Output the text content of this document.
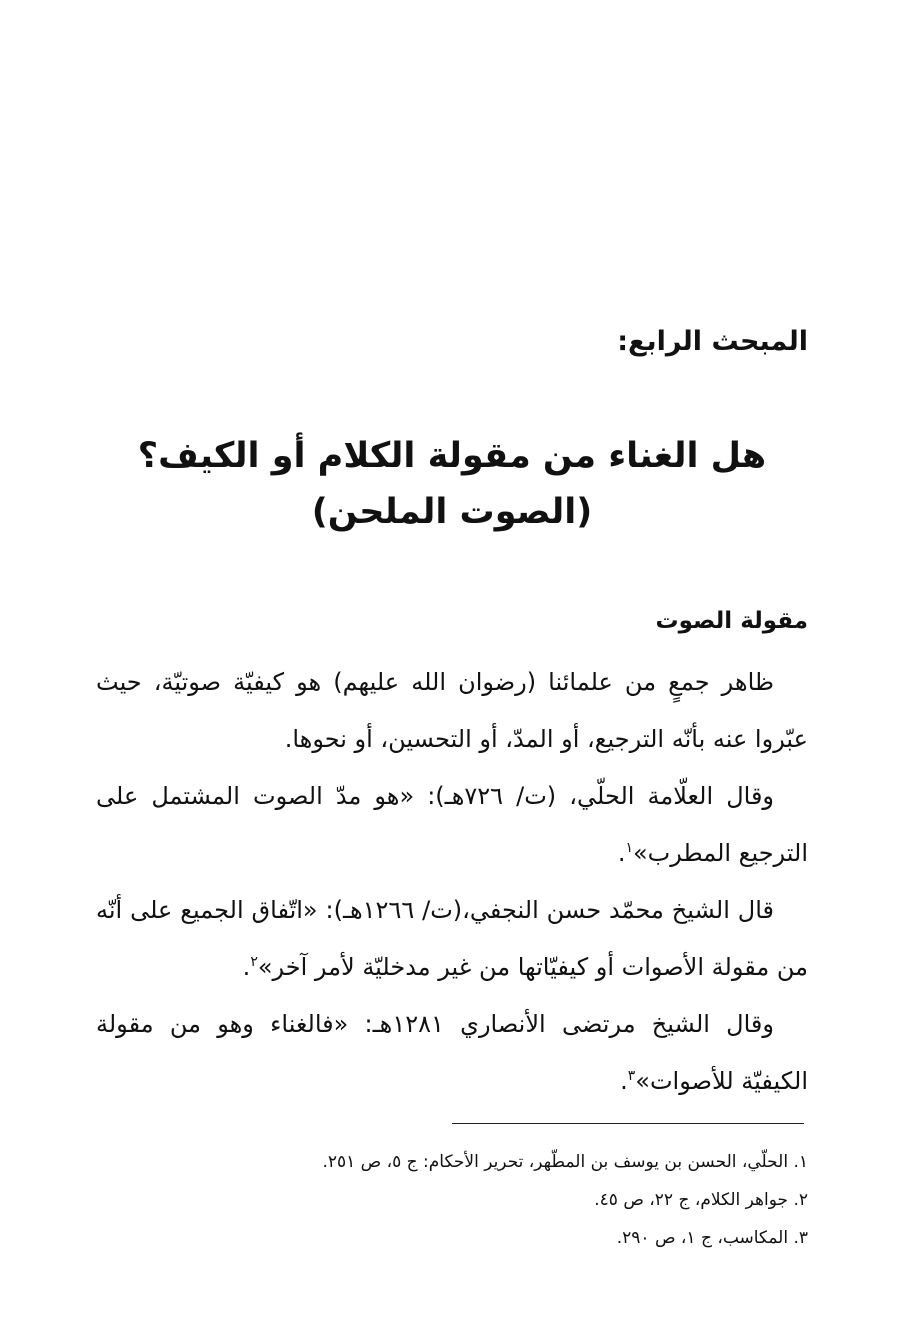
المبحث الرابع:
هل الغناء من مقولة الكلام أو الكيف؟
(الصوت الملحن)
مقولة الصوت

ظاهر جمعٍ من علمائنا (رضوان الله عليهم) هو كيفيّة صوتيّة، حيث عبّروا عنه بأنّه الترجيع، أو المدّ، أو التحسين، أو نحوها.

وقال العلّامة الحلّي، (ت/ ٧٢٦هـ): «هو مدّ الصوت المشتمل على الترجيع المطرب»$^١$.

قال الشيخ محمّد حسن النجفي،(ت/ ١٢٦٦هـ): «اتّفاق الجميع على أنّه من مقولة الأصوات أو كيفيّاتها من غير مدخليّة لأمر آخر»$^٢$.

وقال الشيخ مرتضى الأنصاري ١٢٨١هـ: «فالغناء وهو من مقولة الكيفيّة للأصوات»$^٣$.

١. الحلّي، الحسن بن يوسف بن المطّهر، تحرير الأحكام: ج ٥، ص ٢٥١.
٢. جواهر الكلام، ج ٢٢، ص ٤٥.
٣. المكاسب، ج ١، ص ٢٩٠.
